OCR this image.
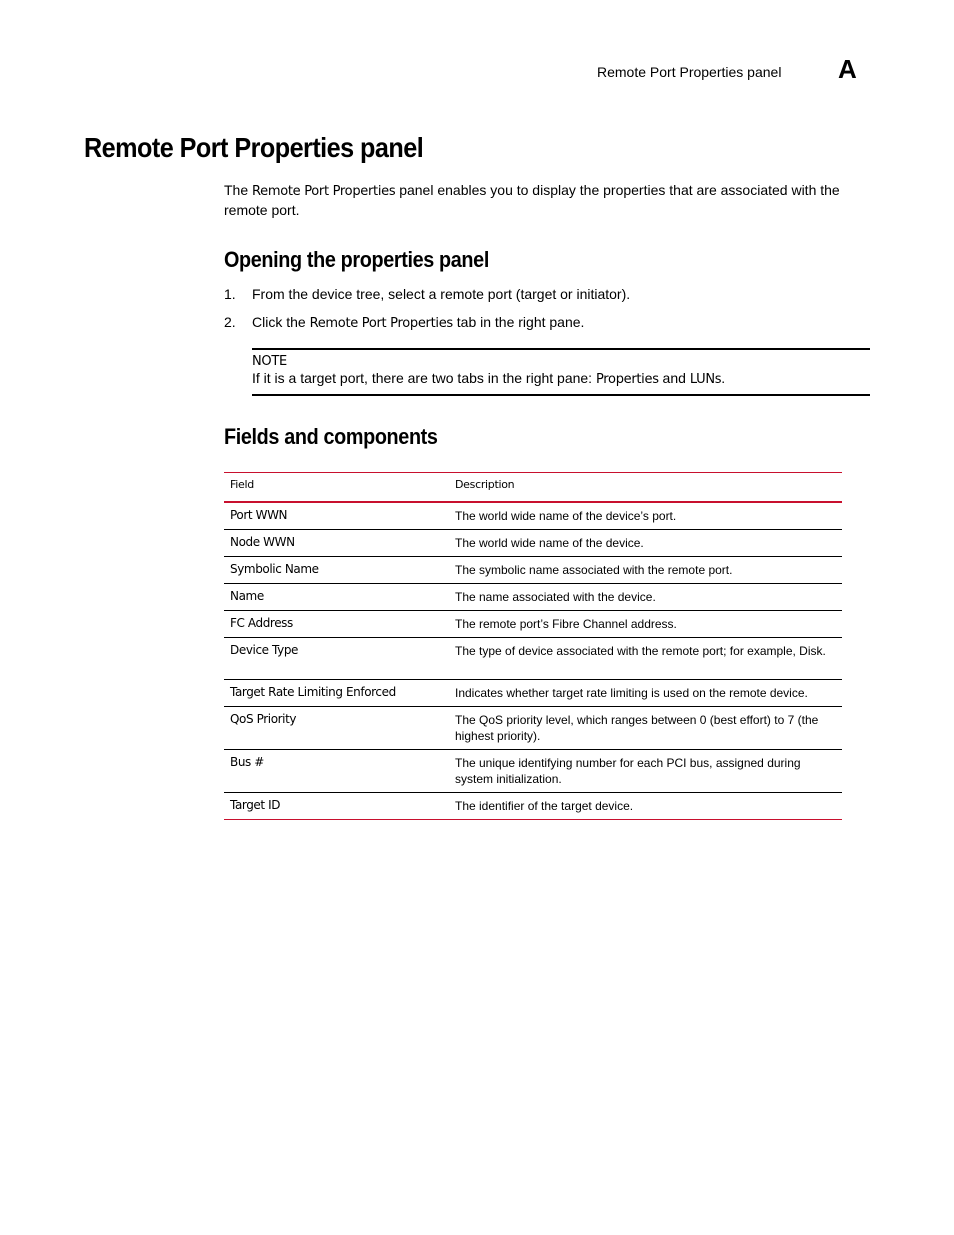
Remote Port Properties panel A
Remote Port Properties panel
The Remote Port Properties panel enables you to display the properties that are associated with the remote port.
Opening the properties panel
1. From the device tree, select a remote port (target or initiator).
2. Click the Remote Port Properties tab in the right pane.
NOTE
If it is a target port, there are two tabs in the right pane: Properties and LUNs.
Fields and components
Field	Description
Port WWN	The world wide name of the device’s port.
Node WWN	The world wide name of the device.
Symbolic Name	The symbolic name associated with the remote port.
Name	The name associated with the device.
FC Address	The remote port’s Fibre Channel address.
Device Type	The type of device associated with the remote port; for example, Disk.
Target Rate Limiting Enforced	Indicates whether target rate limiting is used on the remote device.
QoS Priority	The QoS priority level, which ranges between 0 (best effort) to 7 (the highest priority).
Bus #	The unique identifying number for each PCI bus, assigned during system initialization.
Target ID	The identifier of the target device.
